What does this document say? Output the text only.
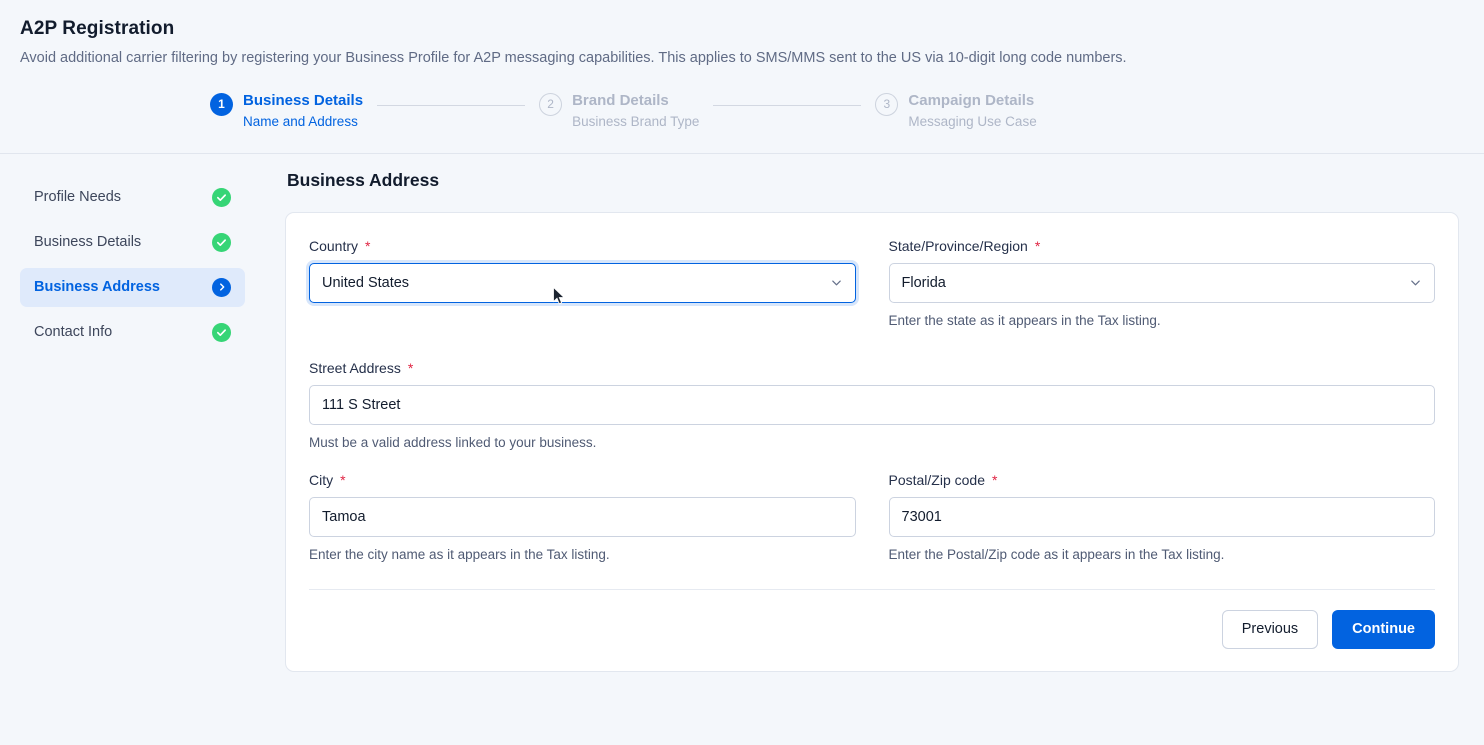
A2P Registration

Avoid additional carrier filtering by registering your Business Profile for A2P messaging capabilities. This applies to SMS/MMS sent to the US via 10-digit long code numbers.

1	Business Details
Name and Address
2	Brand Details
Business Brand Type
3	Campaign Details
Messaging Use Case
Profile Needs
Business Details
Business Address
Contact Info
Business Address
Country *
United States
State/Province/Region *
Florida
Enter the state as it appears in the Tax listing.
Street Address *
111 S Street
Must be a valid address linked to your business.
City *
Tamoa
Enter the city name as it appears in the Tax listing.
Postal/Zip code *
73001
Enter the Postal/Zip code as it appears in the Tax listing.
Previous	Continue
